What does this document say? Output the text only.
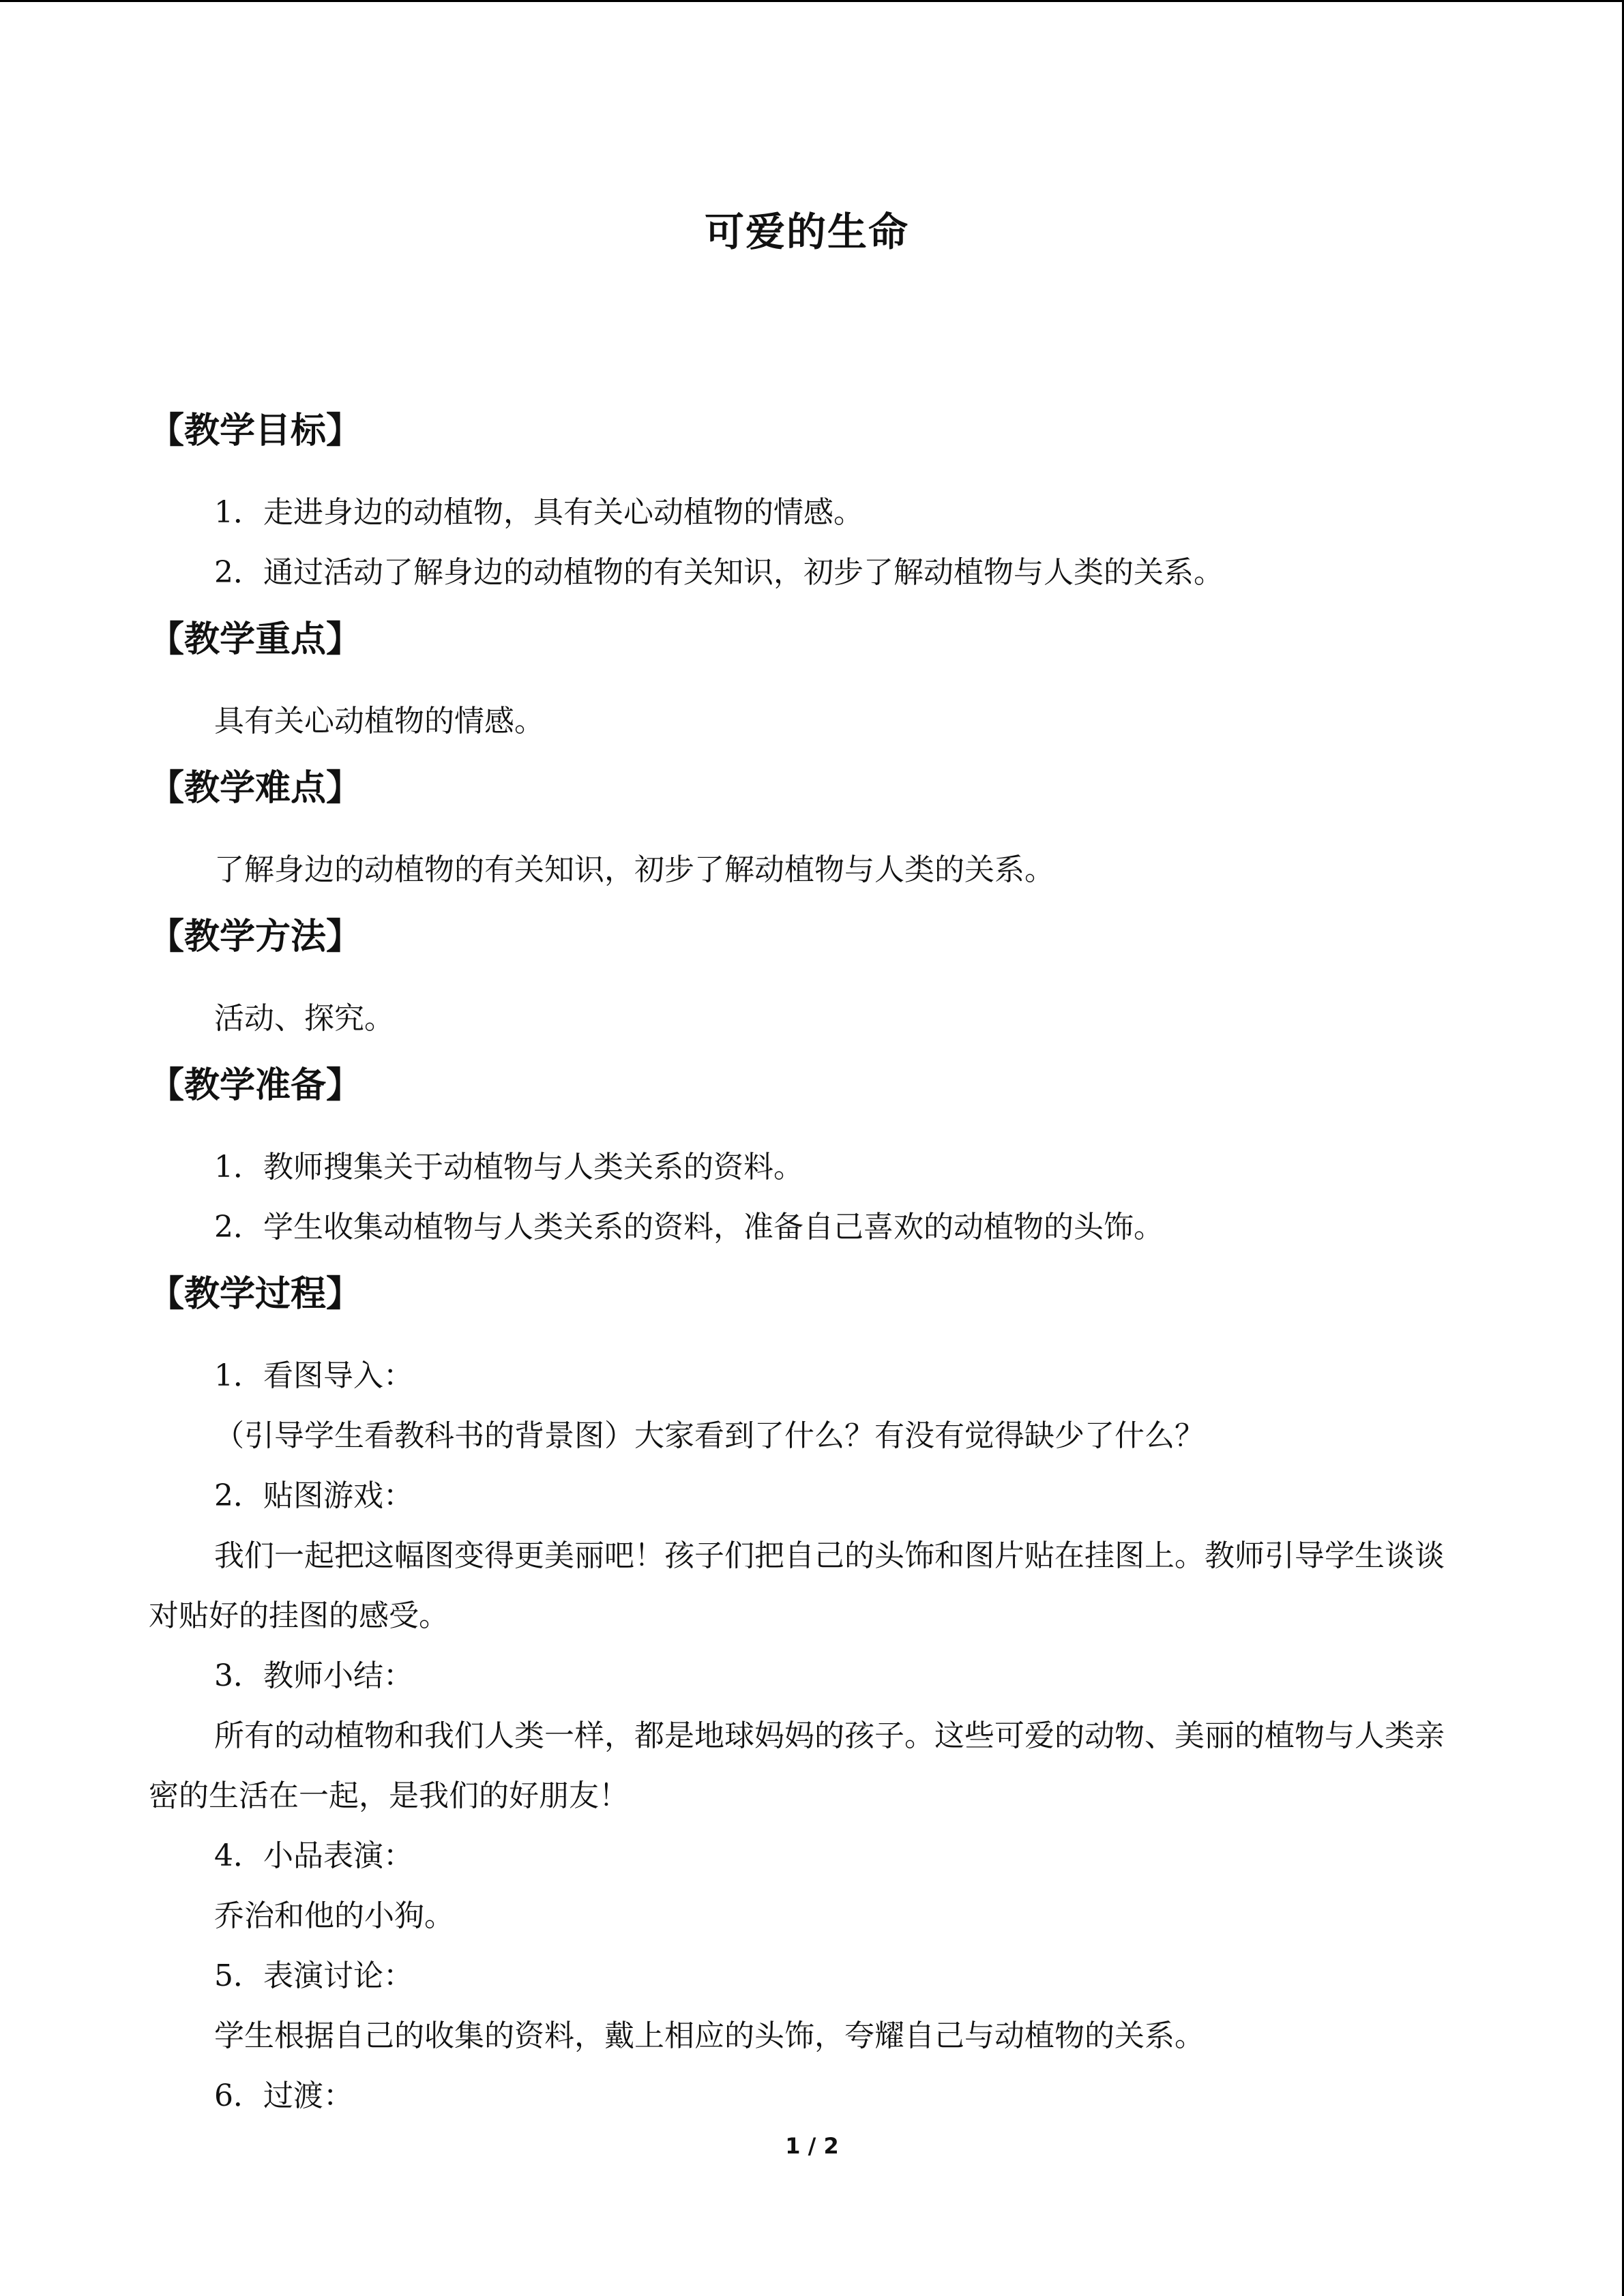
可爱的生命
【教学目标】

1．走进身边的动植物，具有关心动植物的情感。

2．通过活动了解身边的动植物的有关知识，初步了解动植物与人类的关系。

【教学重点】

具有关心动植物的情感。

【教学难点】

了解身边的动植物的有关知识，初步了解动植物与人类的关系。

【教学方法】

活动、探究。

【教学准备】

1．教师搜集关于动植物与人类关系的资料。

2．学生收集动植物与人类关系的资料，准备自己喜欢的动植物的头饰。

【教学过程】

1．看图导入：

（引导学生看教科书的背景图）大家看到了什么？有没有觉得缺少了什么？

2．贴图游戏：

我们一起把这幅图变得更美丽吧！孩子们把自己的头饰和图片贴在挂图上。教师引导学生谈谈对贴好的挂图的感受。

3．教师小结：

所有的动植物和我们人类一样，都是地球妈妈的孩子。这些可爱的动物、美丽的植物与人类亲密的生活在一起，是我们的好朋友！

4．小品表演：

乔治和他的小狗。

5．表演讨论：

学生根据自己的收集的资料，戴上相应的头饰，夸耀自己与动植物的关系。

6．过渡：

1 / 2
